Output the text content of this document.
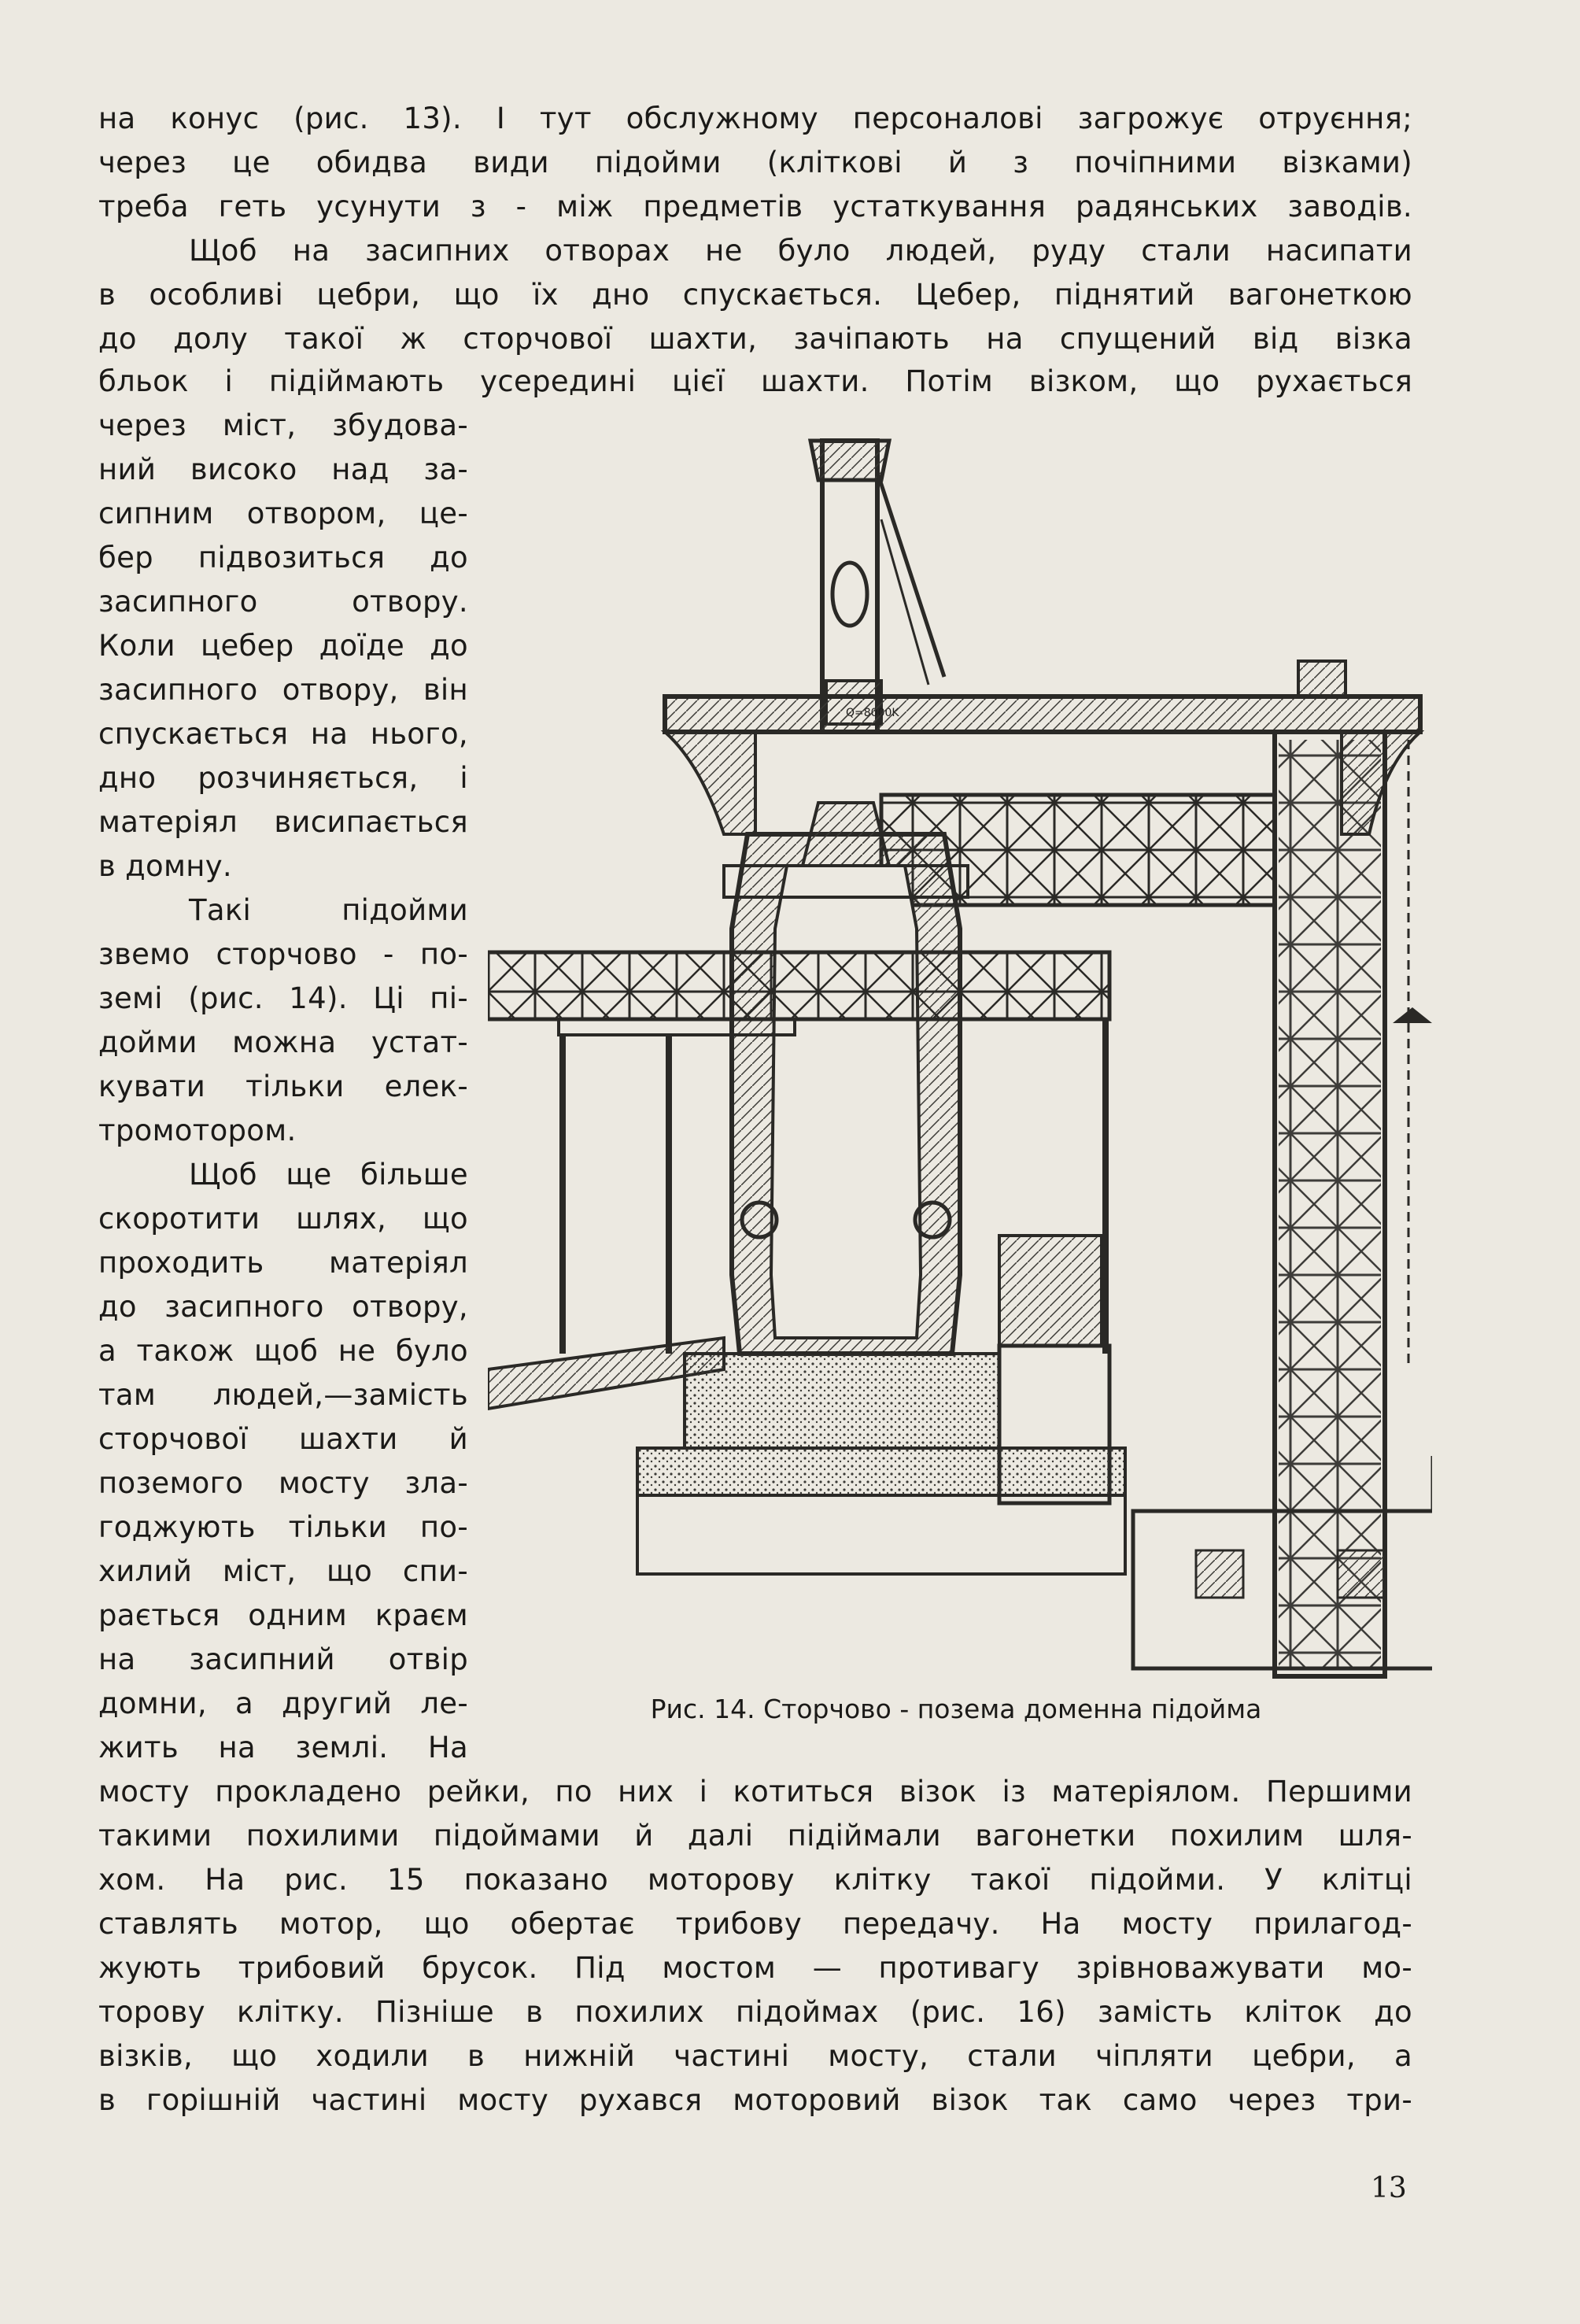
на конус (рис. 13). І тут обслужному персоналові загрожує отруєння;
через це обидва види підойми (кліткові й з почіпними візками)
треба геть усунути з - між предметів устаткування радянських заводів.
Щоб на засипних отворах не було людей, руду стали насипати
в особливі цебри, що їх дно спускається. Цебер, піднятий вагонеткою
до долу такої ж сторчової шахти, зачіпають на спущений від візка
бльок і підіймають усередині цієї шахти. Потім візком, що рухається
через міст, збудова-
ний високо над за-
сипним отвором, це-
бер підвозиться до
засипного отвору.
Коли цебер доїде до
засипного отвору, він
спускається на нього,
дно розчиняється, і
матеріял висипається
в домну.
Такі підойми
звемо сторчово - по-
земі (рис. 14). Ці пі-
дойми можна устат-
кувати тільки елек-
тромотором.
Щоб ще більше
скоротити шлях, що
проходить матеріял
до засипного отвору,
а також щоб не було
там людей,—замість
сторчової шахти й
поземого мосту зла-
годжують тільки по-
хилий міст, що спи-
рається одним краєм
на засипний отвір
домни, а другий ле-
жить на землі. На
Рис. 14. Сторчово - позема доменна підойма
мосту прокладено рейки, по них і котиться візок із матеріялом. Першими
такими похилими підоймами й далі підіймали вагонетки похилим шля-
хом. На рис. 15 показано моторову клітку такої підойми. У клітці
ставлять мотор, що обертає трибову передачу. На мосту прилагод-
жують трибовий брусок. Під мостом — противагу зрівноважувати мо-
торову клітку. Пізніше в похилих підоймах (рис. 16) замість кліток до
візків, що ходили в нижній частині мосту, стали чіпляти цебри, а
в горішній частині мосту рухався моторовий візок так само через три-
13
